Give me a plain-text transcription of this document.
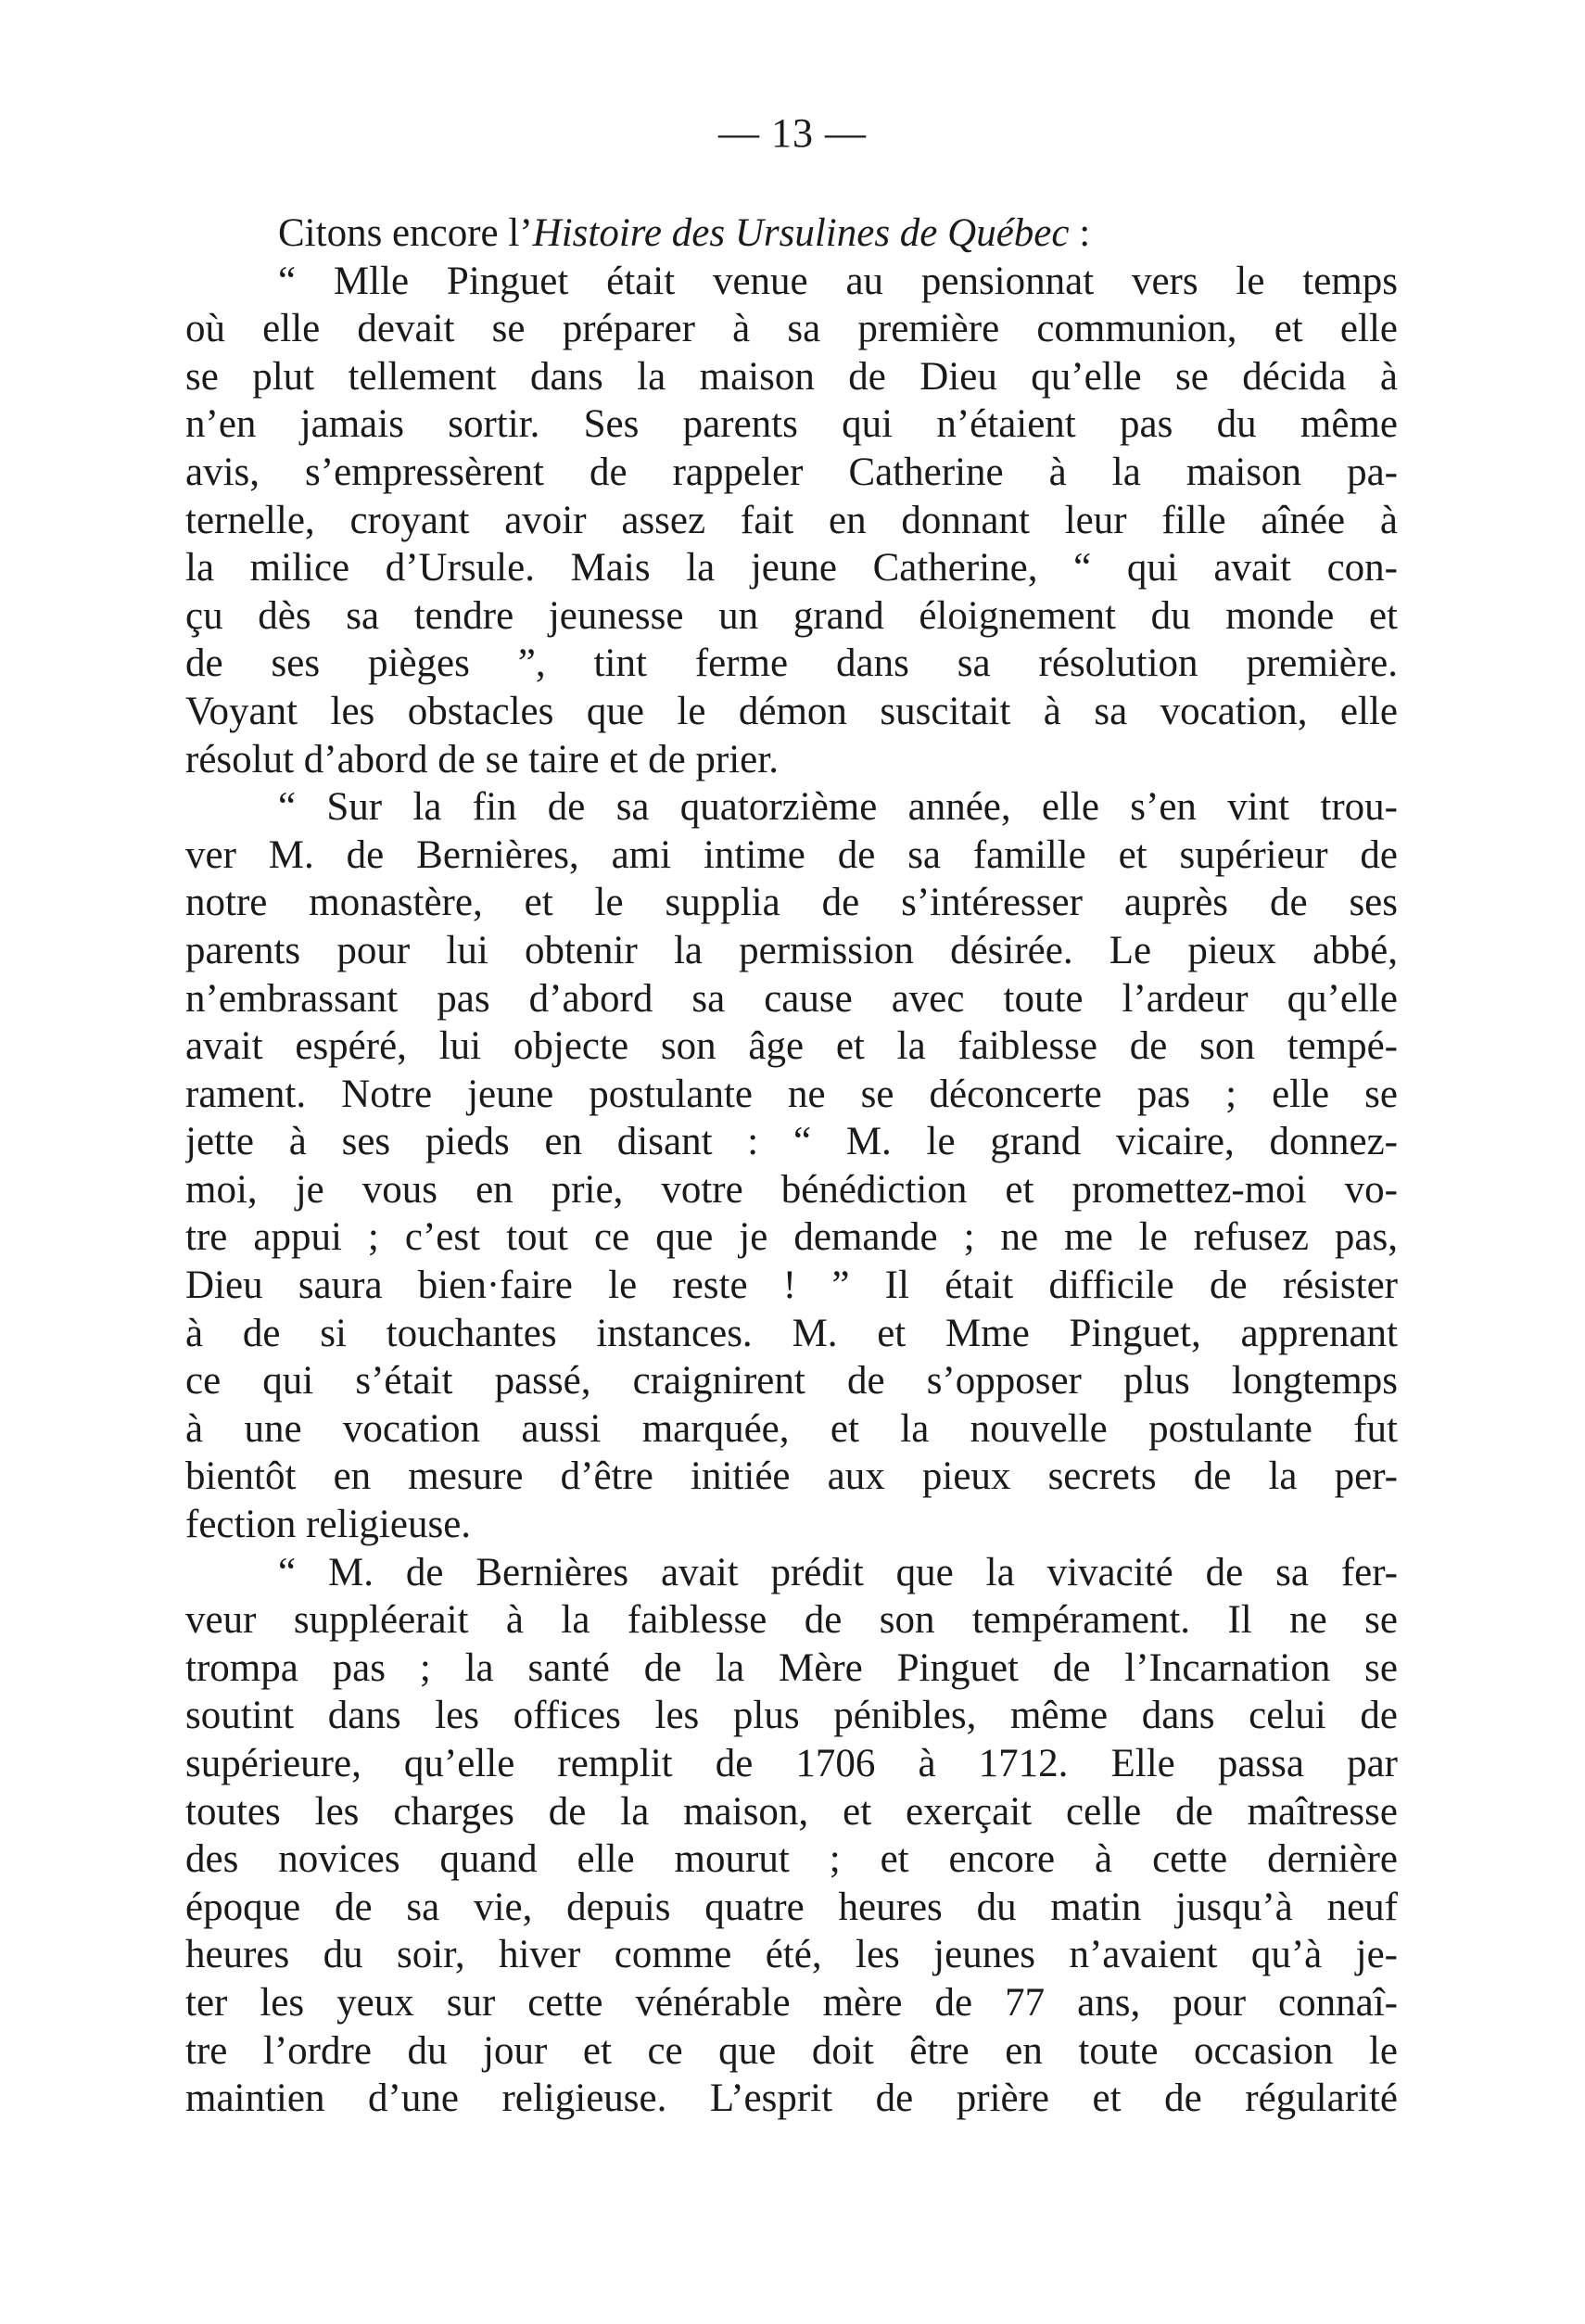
— 13 —
Citons encore l’Histoire des Ursulines de Québec :
“ Mlle Pinguet était venue au pensionnat vers le temps
où elle devait se préparer à sa première communion, et elle
se plut tellement dans la maison de Dieu qu’elle se décida à
n’en jamais sortir. Ses parents qui n’étaient pas du même
avis, s’empressèrent de rappeler Catherine à la maison pa-
ternelle, croyant avoir assez fait en donnant leur fille aînée à
la milice d’Ursule. Mais la jeune Catherine, “ qui avait con-
çu dès sa tendre jeunesse un grand éloignement du monde et
de ses pièges ”, tint ferme dans sa résolution première.
Voyant les obstacles que le démon suscitait à sa vocation, elle
résolut d’abord de se taire et de prier.
“ Sur la fin de sa quatorzième année, elle s’en vint trou-
ver M. de Bernières, ami intime de sa famille et supérieur de
notre monastère, et le supplia de s’intéresser auprès de ses
parents pour lui obtenir la permission désirée. Le pieux abbé,
n’embrassant pas d’abord sa cause avec toute l’ardeur qu’elle
avait espéré, lui objecte son âge et la faiblesse de son tempé-
rament. Notre jeune postulante ne se déconcerte pas ; elle se
jette à ses pieds en disant : “ M. le grand vicaire, donnez-
moi, je vous en prie, votre bénédiction et promettez-moi vo-
tre appui ; c’est tout ce que je demande ; ne me le refusez pas,
Dieu saura bien·faire le reste ! ” Il était difficile de résister
à de si touchantes instances. M. et Mme Pinguet, apprenant
ce qui s’était passé, craignirent de s’opposer plus longtemps
à une vocation aussi marquée, et la nouvelle postulante fut
bientôt en mesure d’être initiée aux pieux secrets de la per-
fection religieuse.
“ M. de Bernières avait prédit que la vivacité de sa fer-
veur suppléerait à la faiblesse de son tempérament. Il ne se
trompa pas ; la santé de la Mère Pinguet de l’Incarnation se
soutint dans les offices les plus pénibles, même dans celui de
supérieure, qu’elle remplit de 1706 à 1712. Elle passa par
toutes les charges de la maison, et exerçait celle de maîtresse
des novices quand elle mourut ; et encore à cette dernière
époque de sa vie, depuis quatre heures du matin jusqu’à neuf
heures du soir, hiver comme été, les jeunes n’avaient qu’à je-
ter les yeux sur cette vénérable mère de 77 ans, pour connaî-
tre l’ordre du jour et ce que doit être en toute occasion le
maintien d’une religieuse. L’esprit de prière et de régularité
